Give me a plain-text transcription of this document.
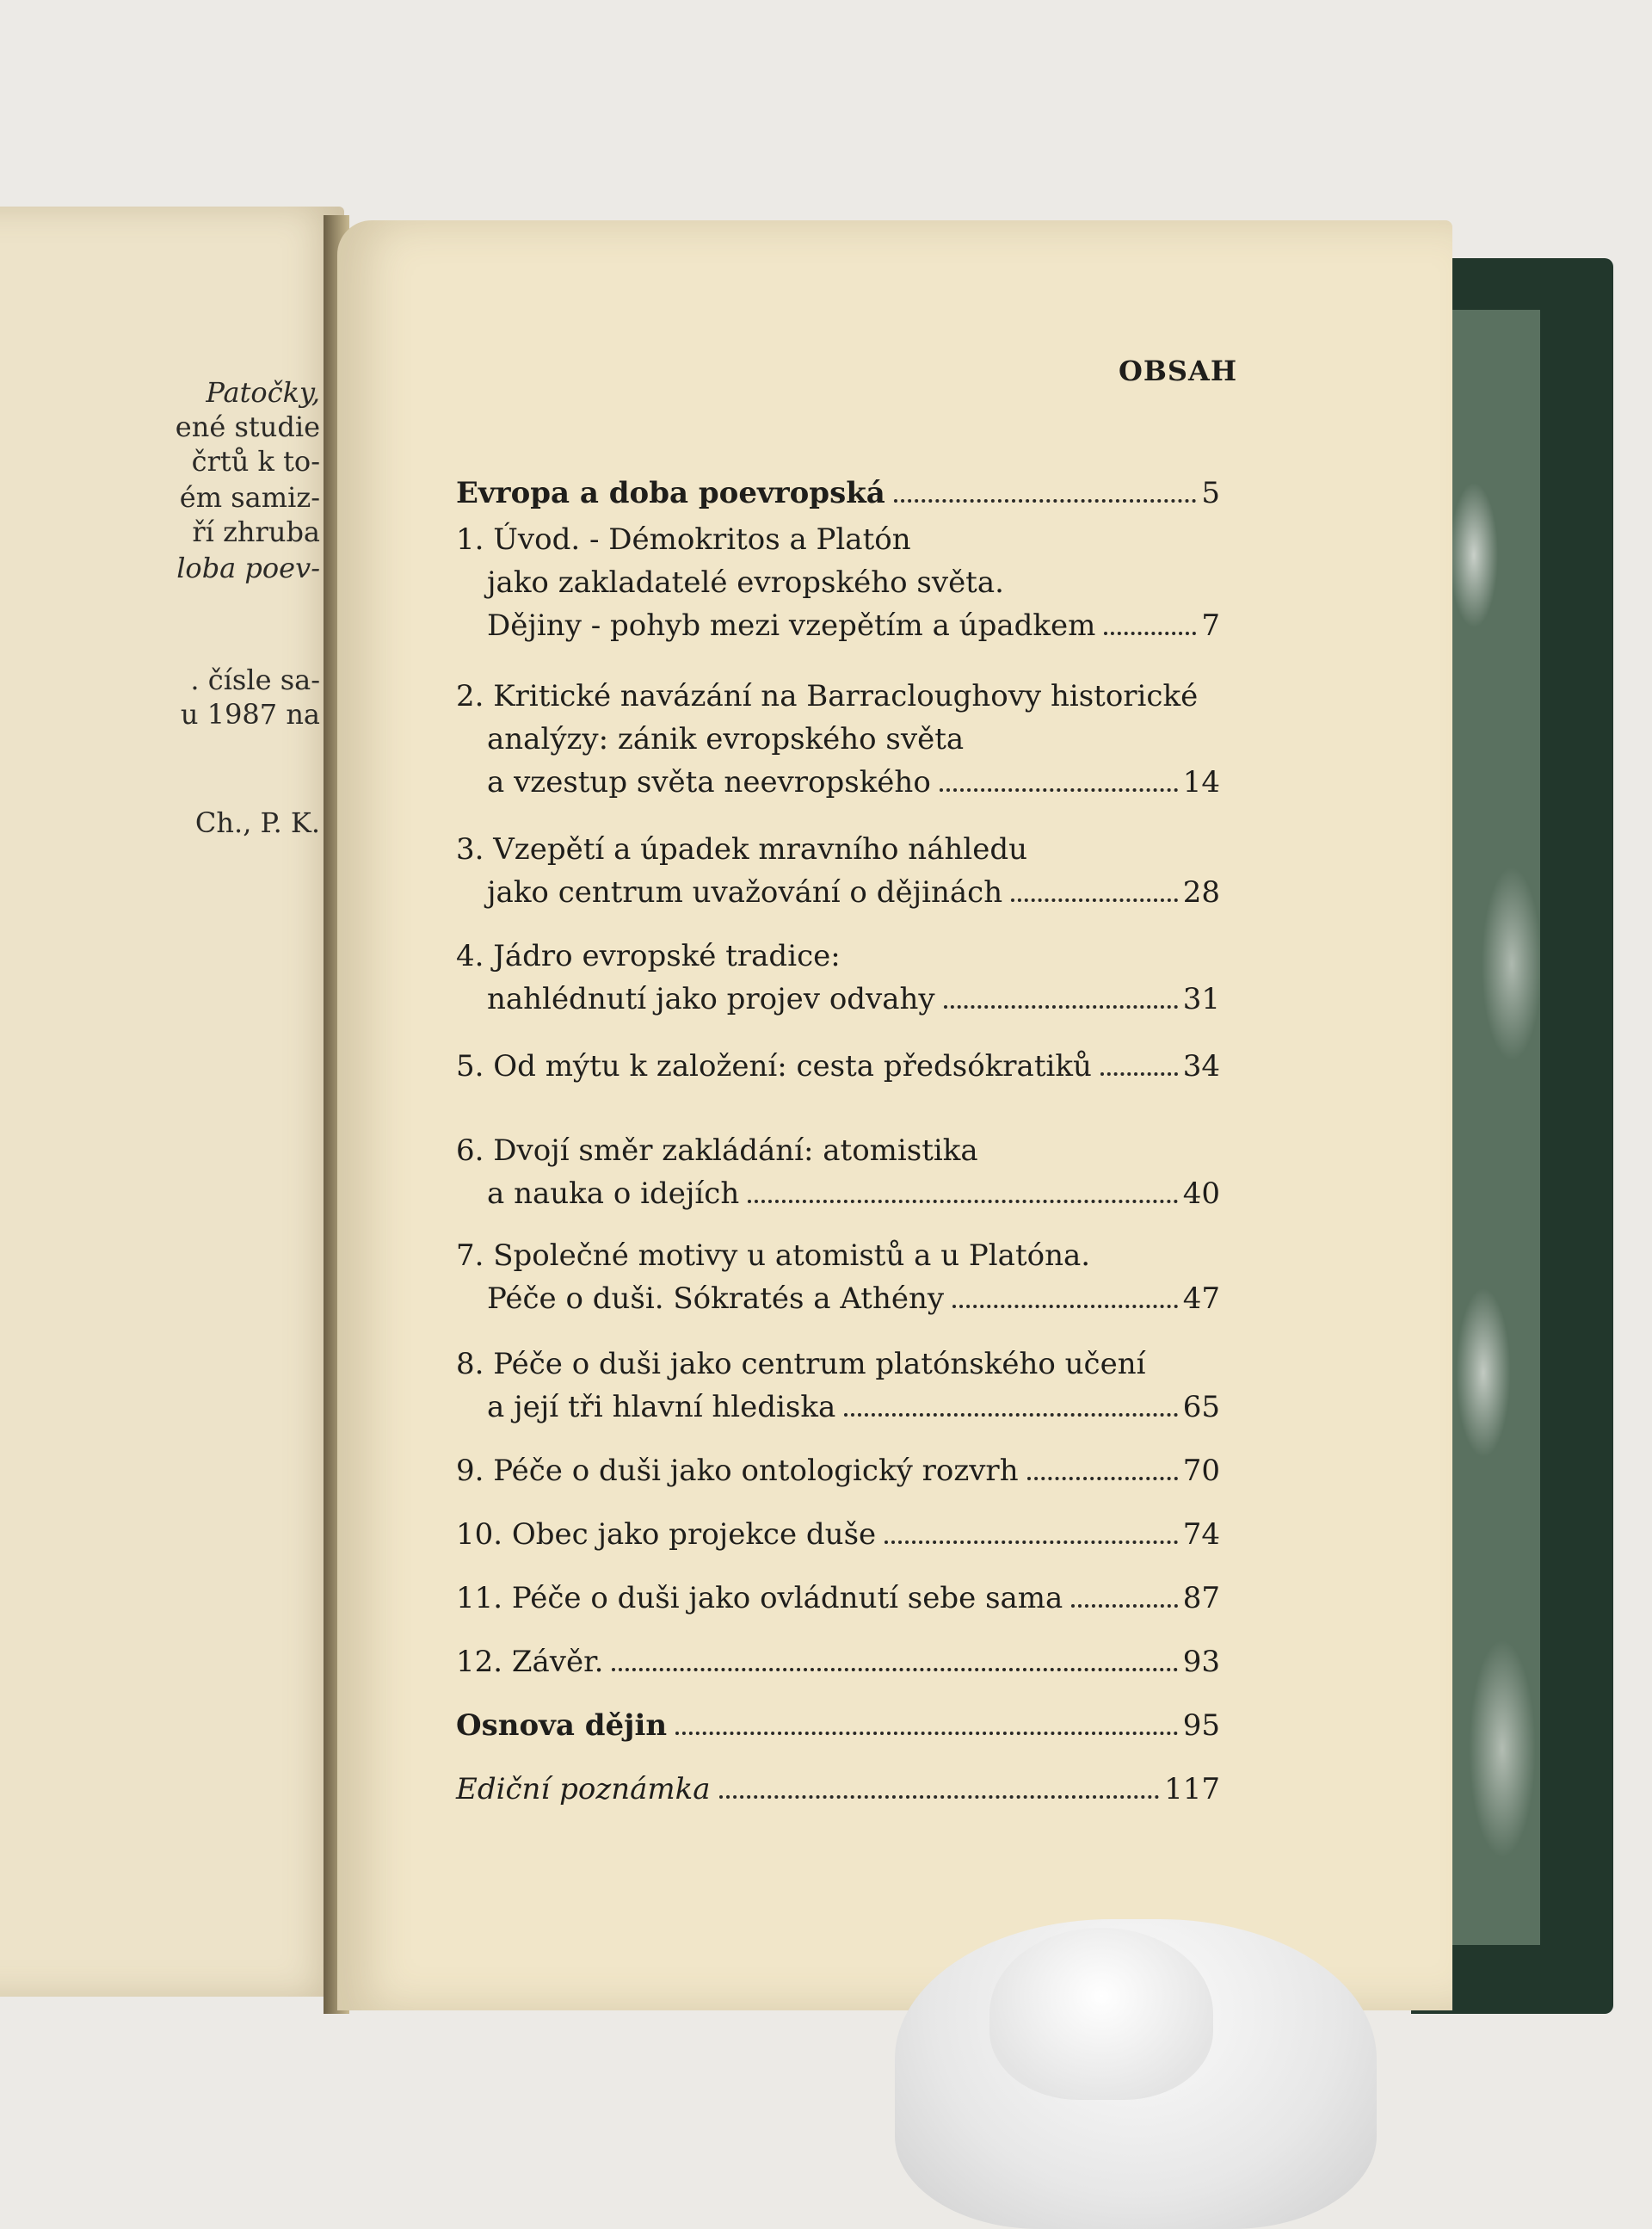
Patočky,
ené studie
črtů k to-
ém samiz-
ří zhruba
loba poev-
. čísle sa-
u 1987 na
Ch., P. K.
OBSAH
Evropa a doba poevropská	5
1. Úvod. - Démokritos a Platón
jako zakladatelé evropského světa.
Dějiny - pohyb mezi vzepětím a úpadkem	7
2. Kritické navázání na Barracloughovy historické
analýzy: zánik evropského světa
a vzestup světa neevropského	14
3. Vzepětí a úpadek mravního náhledu
jako centrum uvažování o dějinách	28
4. Jádro evropské tradice:
nahlédnutí jako projev odvahy	31
5. Od mýtu k založení: cesta předsókratiků	34
6. Dvojí směr zakládání: atomistika
a nauka o idejích	40
7. Společné motivy u atomistů a u Platóna.
Péče o duši. Sókratés a Athény	47
8. Péče o duši jako centrum platónského učení
a její tři hlavní hlediska	65
9. Péče o duši jako ontologický rozvrh	70
10. Obec jako projekce duše	74
11. Péče o duši jako ovládnutí sebe sama	87
12. Závěr.	93
Osnova dějin	95
Ediční poznámka	117
